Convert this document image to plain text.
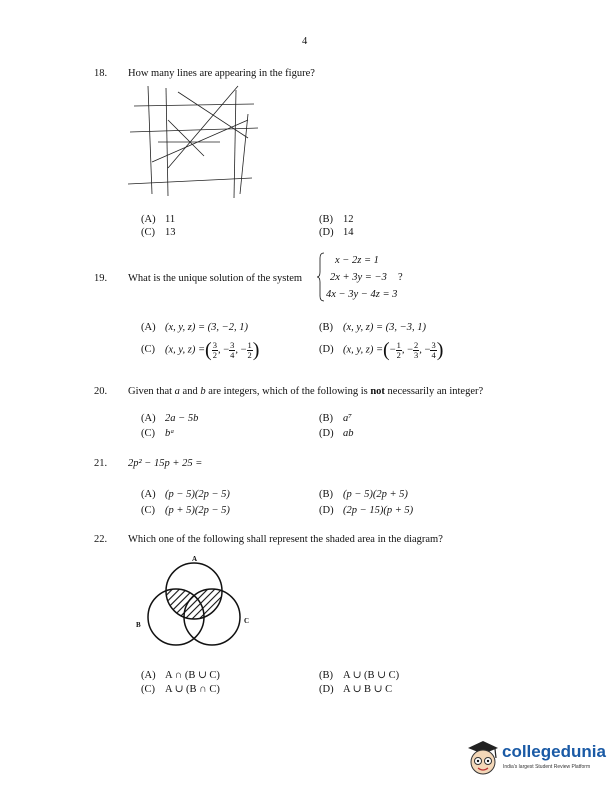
4
18. How many lines are appearing in the figure?
(A) 11	(B) 12
(C) 13	(D) 14
19. What is the unique solution of the system
x − 2z = 1
2x + 3y = −3
4x − 3y − 4z = 3
?
(A) (x, y, z) = (3, −2, 1)	(B) (x, y, z) = (3, −3, 1)
(C) (x, y, z) =( $\frac{3}{2}$ , − $\frac{3}{4}$ , − $\frac{1}{2}$ )	(D) (x, y, z) =(− $\frac{1}{2}$ , − $\frac{2}{3}$ , − $\frac{3}{4}$ )
20. Given that a and b are integers, which of the following is not necessarily an integer?
(A) 2a − 5b	(B) a⁷
(C) bᵃ	(D) ab
21. 2p² − 15p + 25 =
(A) (p − 5)(2p − 5)	(B) (p − 5)(2p + 5)
(C) (p + 5)(2p − 5)	(D) (2p − 15)(p + 5)
22. Which one of the following shall represent the shaded area in the diagram?
A
B	C
(A) A ∩ (B ∪ C)	(B) A ∪ (B ∪ C)
(C) A ∪ (B ∩ C)	(D) A ∪ B ∪ C
collegedunia
India's largest Student Review Platform
